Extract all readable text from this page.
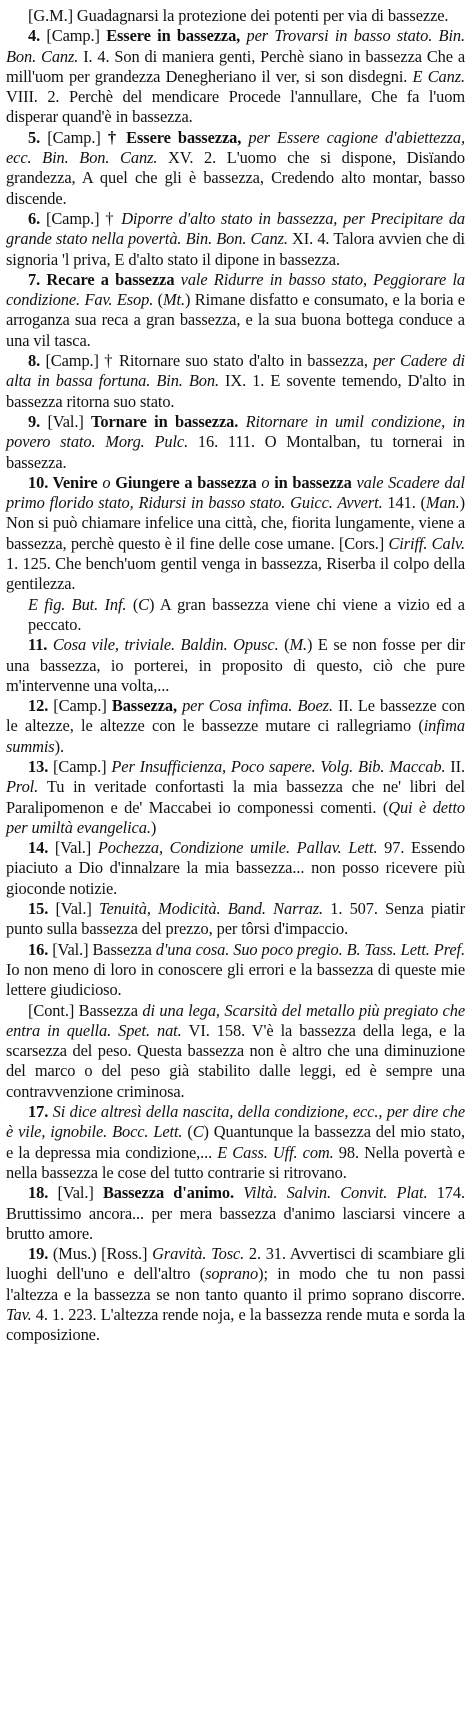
[G.M.] Guadagnarsi la protezione dei potenti per via di bassezze.

4. [Camp.] Essere in bassezza, per Trovarsi in basso stato. Bin. Bon. Canz. I. 4. Son di maniera genti, Perchè siano in bassezza Che a mill'uom per grandezza Denegheriano il ver, si son disdegni. E Canz. VIII. 2. Perchè del mendicare Procede l'annullare, Che fa l'uom disperar quand'è in bassezza.

5. [Camp.] † Essere bassezza, per Essere cagione d'abiettezza, ecc. Bin. Bon. Canz. XV. 2. L'uomo che si dispone, Disïando grandezza, A quel che gli è bassezza, Credendo alto montar, basso discende.

6. [Camp.] † Diporre d'alto stato in bassezza, per Precipitare da grande stato nella povertà. Bin. Bon. Canz. XI. 4. Talora avvien che di signoria 'l priva, E d'alto stato il dipone in bassezza.

7. Recare a bassezza vale Ridurre in basso stato, Peggiorare la condizione. Fav. Esop. (Mt.) Rimane disfatto e consumato, e la boria e arroganza sua reca a gran bassezza, e la sua buona bottega conduce a una vil tasca.

8. [Camp.] † Ritornare suo stato d'alto in bassezza, per Cadere di alta in bassa fortuna. Bin. Bon. IX. 1. E sovente temendo, D'alto in bassezza ritorna suo stato.

9. [Val.] Tornare in bassezza. Ritornare in umil condizione, in povero stato. Morg. Pulc. 16. 111. O Montalban, tu tornerai in bassezza.

10. Venire o Giungere a bassezza o in bassezza vale Scadere dal primo florido stato, Ridursi in basso stato. Guicc. Avvert. 141. (Man.) Non si può chiamare infelice una città, che, fiorita lungamente, viene a bassezza, perchè questo è il fine delle cose umane. [Cors.] Ciriff. Calv. 1. 125. Che bench'uom gentil venga in bassezza, Riserba il colpo della gentilezza.

E fig. But. Inf. (C) A gran bassezza viene chi viene a vizio ed a peccato.

11. Cosa vile, triviale. Baldin. Opusc. (M.) E se non fosse per dir una bassezza, io porterei, in proposito di questo, ciò che pure m'intervenne una volta,...

12. [Camp.] Bassezza, per Cosa infima. Boez. II. Le bassezze con le altezze, le altezze con le bassezze mutare ci rallegriamo (infima summis).

13. [Camp.] Per Insufficienza, Poco sapere. Volg. Bib. Maccab. II. Prol. Tu in veritade confortasti la mia bassezza che ne' libri del Paralipomenon e de' Maccabei io componessi comenti. (Qui è detto per umiltà evangelica.)

14. [Val.] Pochezza, Condizione umile. Pallav. Lett. 97. Essendo piaciuto a Dio d'innalzare la mia bassezza... non posso ricevere più gioconde notizie.

15. [Val.] Tenuità, Modicità. Band. Narraz. 1. 507. Senza piatir punto sulla bassezza del prezzo, per tôrsi d'impaccio.

16. [Val.] Bassezza d'una cosa. Suo poco pregio. B. Tass. Lett. Pref. Io non meno di loro in conoscere gli errori e la bassezza di queste mie lettere giudicioso.

[Cont.] Bassezza di una lega, Scarsità del metallo più pregiato che entra in quella. Spet. nat. VI. 158. V'è la bassezza della lega, e la scarsezza del peso. Questa bassezza non è altro che una diminuzione del marco o del peso già stabilito dalle leggi, ed è sempre una contravvenzione criminosa.

17. Si dice altresì della nascita, della condizione, ecc., per dire che è vile, ignobile. Bocc. Lett. (C) Quantunque la bassezza del mio stato, e la depressa mia condizione,... E Cass. Uff. com. 98. Nella povertà e nella bassezza le cose del tutto contrarie si ritrovano.

18. [Val.] Bassezza d'animo. Viltà. Salvin. Convit. Plat. 174. Bruttissimo ancora... per mera bassezza d'animo lasciarsi vincere a brutto amore.

19. (Mus.) [Ross.] Gravità. Tosc. 2. 31. Avvertisci di scambiare gli luoghi dell'uno e dell'altro (soprano); in modo che tu non passi l'altezza e la bassezza se non tanto quanto il primo soprano discorre. Tav. 4. 1. 223. L'altezza rende noja, e la bassezza rende muta e sorda la composizione.
